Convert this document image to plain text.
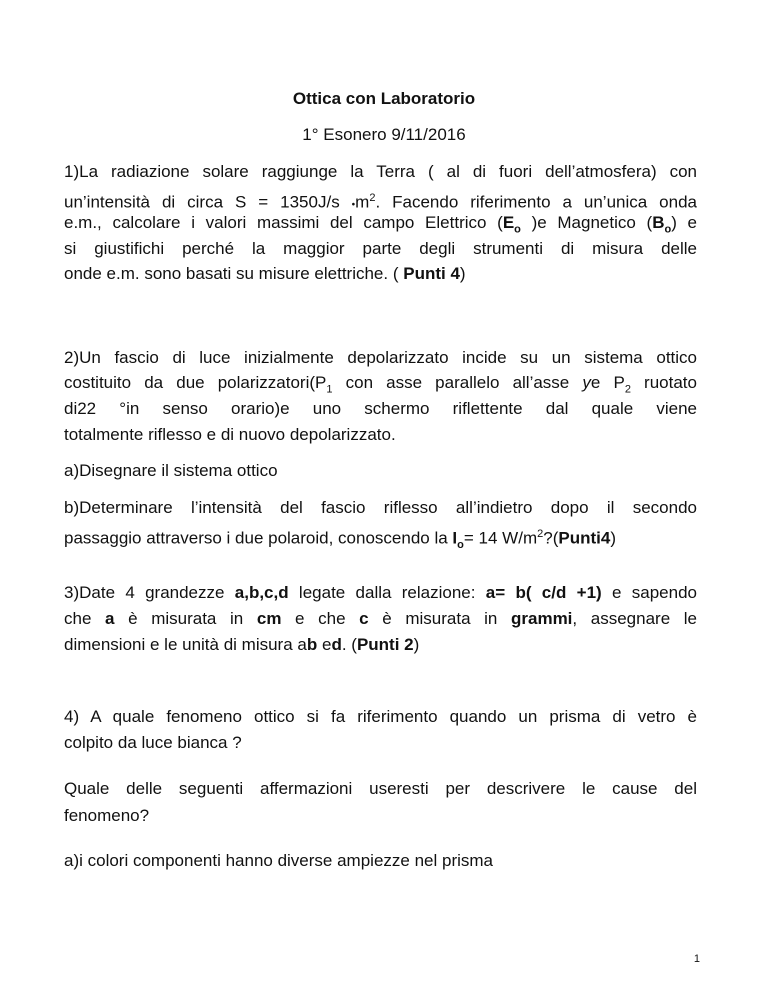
Ottica con Laboratorio
1° Esonero 9/11/2016
1)La radiazione solare raggiunge la Terra ( al di fuori dell’atmosfera) con
un’intensità di circa S = 1350J/s $•m^2$. Facendo riferimento a un’unica onda
e.m., calcolare i valori massimi del campo Elettrico ($E_o$ )e Magnetico $(B_o)$ e
si giustifichi perché la maggior parte degli strumenti di misura delle
onde e.m. sono basati su misure elettriche. ( Punti 4)
2)Un fascio di luce inizialmente depolarizzato incide su un sistema ottico
costituito da due $polarizzatori(P_1$ con asse parallelo all’asse ye $P_2$ ruotato
di22 °in senso orario)e uno schermo riflettente dal quale viene
totalmente riflesso e di nuovo depolarizzato.
a)Disegnare il sistema ottico
b)Determinare l’intensità del fascio riflesso all’indietro dopo il secondo
passaggio attraverso i due polaroid, conoscendo la $I_o= 14$ $W/m^2?(Punti4)$
3)Date 4 grandezze a,b,c,d legate dalla relazione: a= b( c/d +1) e sapendo
che a è misurata in cm e che c è misurata in grammi, assegnare le
dimensioni e le unità di misura ab ed. (Punti 2)
4) A quale fenomeno ottico si fa riferimento quando un prisma di vetro è
colpito da luce bianca ?
Quale delle seguenti affermazioni useresti per descrivere le cause del
fenomeno?
a)i colori componenti hanno diverse ampiezze nel prisma
1
